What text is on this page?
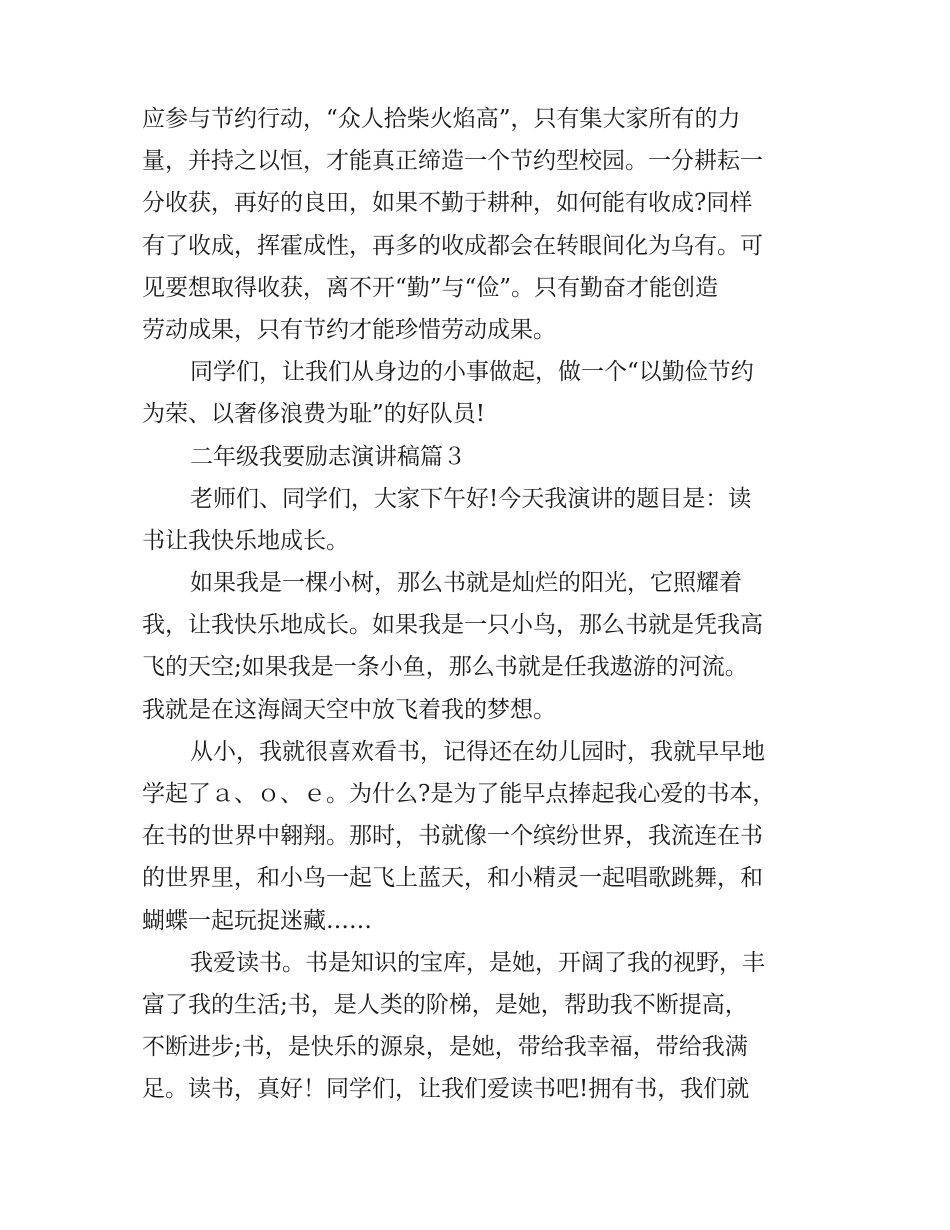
应参与节约行动，“众人拾柴火焰高”，只有集大家所有的力
量，并持之以恒，才能真正缔造一个节约型校园。一分耕耘一
分收获，再好的良田，如果不勤于耕种，如何能有收成?同样
有了收成，挥霍成性，再多的收成都会在转眼间化为乌有。可
见要想取得收获，离不开“勤”与“俭”。只有勤奋才能创造
劳动成果，只有节约才能珍惜劳动成果。
同学们，让我们从身边的小事做起，做一个“以勤俭节约
为荣、以奢侈浪费为耻”的好队员!
二年级我要励志演讲稿篇３
老师们、同学们，大家下午好!今天我演讲的题目是：读
书让我快乐地成长。
如果我是一棵小树，那么书就是灿烂的阳光，它照耀着
我，让我快乐地成长。如果我是一只小鸟，那么书就是凭我高
飞的天空;如果我是一条小鱼，那么书就是任我遨游的河流。
我就是在这海阔天空中放飞着我的梦想。
从小，我就很喜欢看书，记得还在幼儿园时，我就早早地
学起了ａ、ｏ、ｅ。为什么?是为了能早点捧起我心爱的书本，
在书的世界中翱翔。那时，书就像一个缤纷世界，我流连在书
的世界里，和小鸟一起飞上蓝天，和小精灵一起唱歌跳舞，和
蝴蝶一起玩捉迷藏……
我爱读书。书是知识的宝库，是她，开阔了我的视野，丰
富了我的生活;书，是人类的阶梯，是她，帮助我不断提高，
不断进步;书，是快乐的源泉，是她，带给我幸福，带给我满
足。读书，真好！同学们，让我们爱读书吧!拥有书，我们就
